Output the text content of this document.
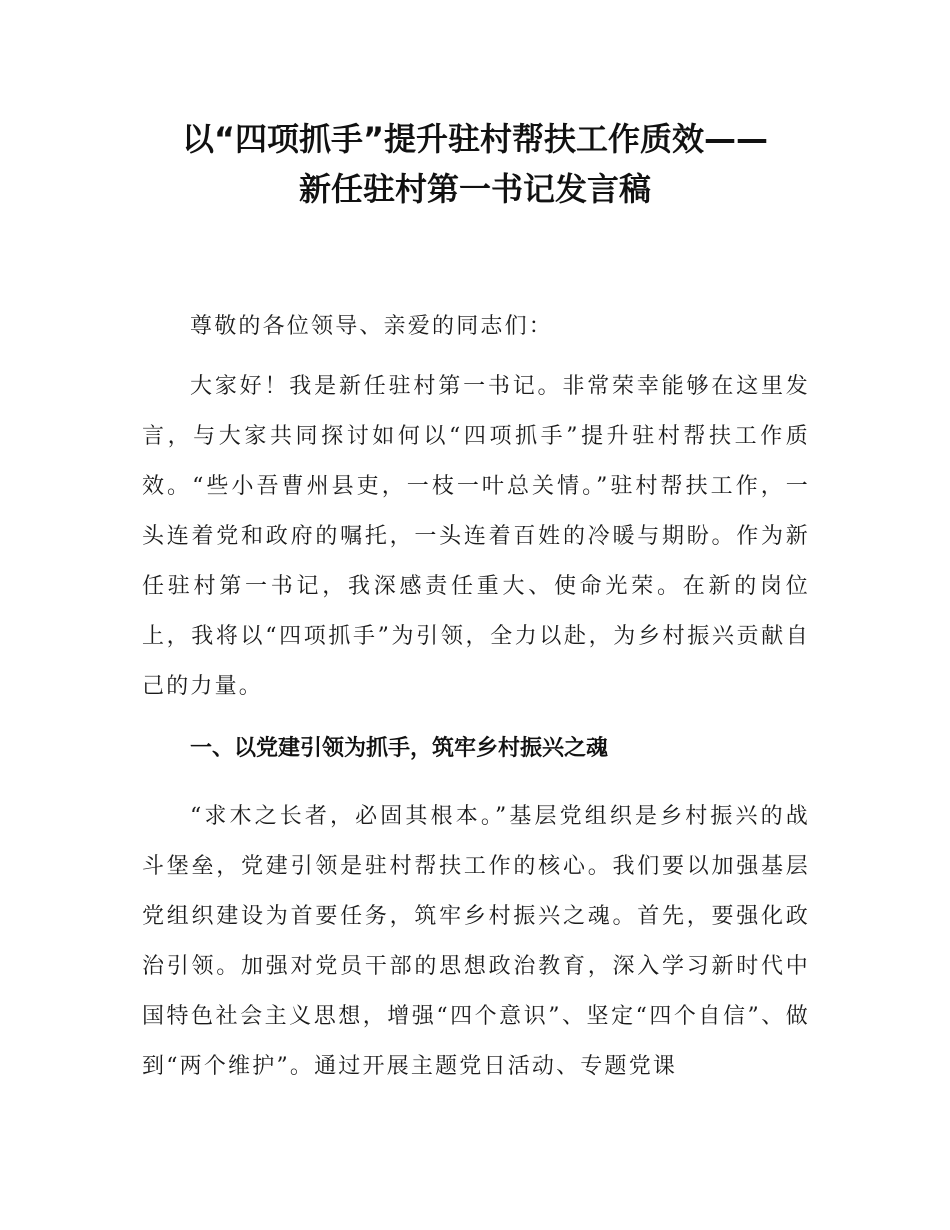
以“四项抓手”提升驻村帮扶工作质效——
新任驻村第一书记发言稿

尊敬的各位领导、亲爱的同志们：

大家好！我是新任驻村第一书记。非常荣幸能够在这里发言，与大家共同探讨如何以“四项抓手”提升驻村帮扶工作质效。“些小吾曹州县吏，一枝一叶总关情。”驻村帮扶工作，一头连着党和政府的嘱托，一头连着百姓的冷暖与期盼。作为新任驻村第一书记，我深感责任重大、使命光荣。在新的岗位上，我将以“四项抓手”为引领，全力以赴，为乡村振兴贡献自己的力量。

一、以党建引领为抓手，筑牢乡村振兴之魂

“求木之长者，必固其根本。”基层党组织是乡村振兴的战斗堡垒，党建引领是驻村帮扶工作的核心。我们要以加强基层党组织建设为首要任务，筑牢乡村振兴之魂。首先，要强化政治引领。加强对党员干部的思想政治教育，深入学习新时代中国特色社会主义思想，增强“四个意识”、坚定“四个自信”、做到“两个维护”。通过开展主题党日活动、专题党课
